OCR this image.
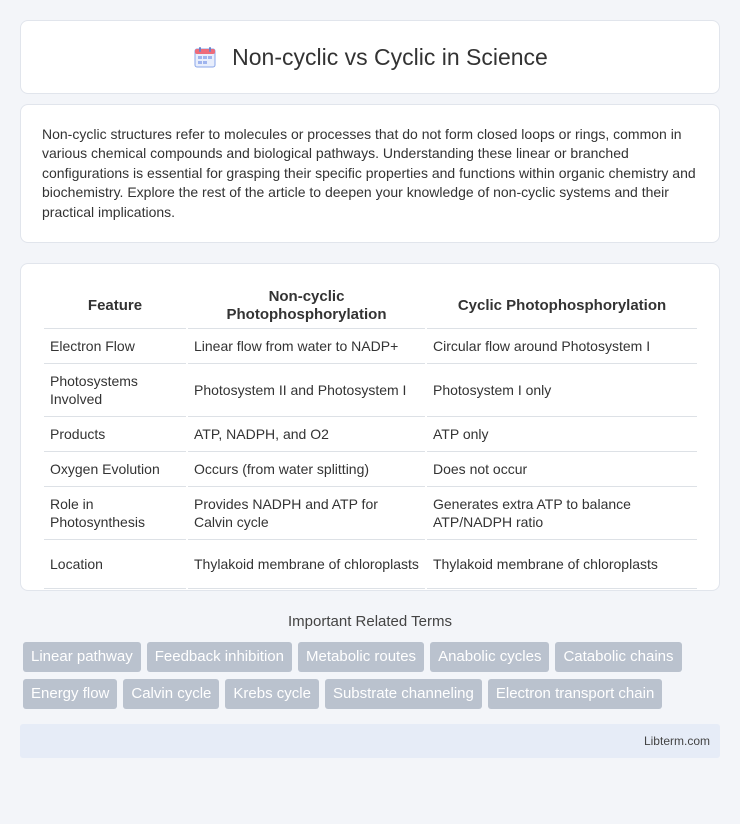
Non-cyclic vs Cyclic in Science

Non-cyclic structures refer to molecules or processes that do not form closed loops or rings, common in various chemical compounds and biological pathways. Understanding these linear or branched configurations is essential for grasping their specific properties and functions within organic chemistry and biochemistry. Explore the rest of the article to deepen your knowledge of non-cyclic systems and their practical implications.

Feature	Non-cyclic Photophosphorylation	Cyclic Photophosphorylation
Electron Flow	Linear flow from water to NADP+	Circular flow around Photosystem I
Photosystems Involved	Photosystem II and Photosystem I	Photosystem I only
Products	ATP, NADPH, and O2	ATP only
Oxygen Evolution	Occurs (from water splitting)	Does not occur
Role in Photosynthesis	Provides NADPH and ATP for Calvin cycle	Generates extra ATP to balance ATP/NADPH ratio
Location	Thylakoid membrane of chloroplasts	Thylakoid membrane of chloroplasts
Important Related Terms
Linear pathway	Feedback inhibition	Metabolic routes	Anabolic cycles	Catabolic chains
Energy flow	Calvin cycle	Krebs cycle	Substrate channeling	Electron transport chain
Libterm.com
